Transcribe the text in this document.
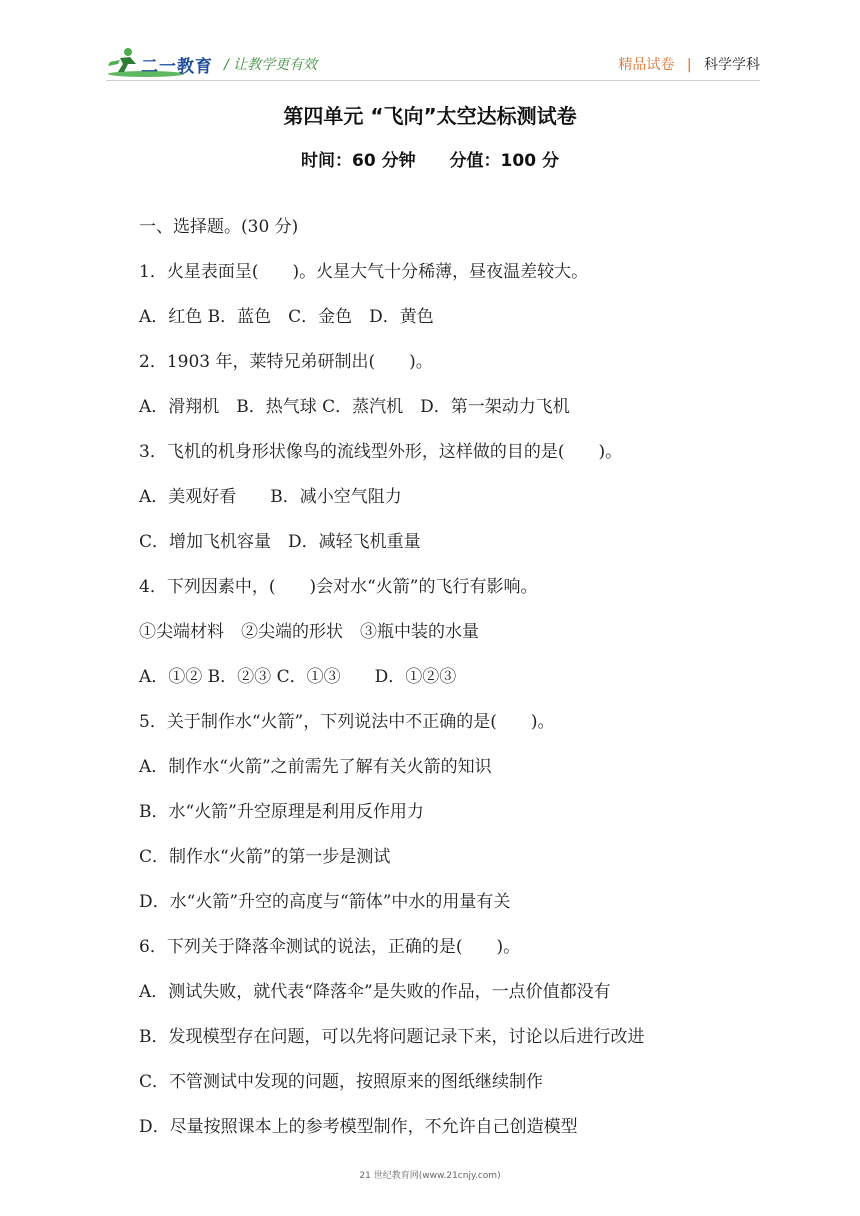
二一教育 / 让教学更有效	精品试卷 | 科学学科
第四单元 “飞向”太空达标测试卷
时间：60 分钟 分值：100 分
一、选择题。(30 分)
1．火星表面呈(　　)。火星大气十分稀薄，昼夜温差较大。
A．红色 B．蓝色　C．金色　D．黄色
2．1903 年，莱特兄弟研制出(　　)。
A．滑翔机　B．热气球 C．蒸汽机　D．第一架动力飞机
3．飞机的机身形状像鸟的流线型外形，这样做的目的是(　　)。
A．美观好看　　B．减小空气阻力
C．增加飞机容量　D．减轻飞机重量
4．下列因素中，(　　)会对水“火箭”的飞行有影响。
①尖端材料　②尖端的形状　③瓶中装的水量
A．①② B．②③ C．①③　　D．①②③
5．关于制作水“火箭”，下列说法中不正确的是(　　)。
A．制作水“火箭”之前需先了解有关火箭的知识
B．水“火箭”升空原理是利用反作用力
C．制作水“火箭”的第一步是测试
D．水“火箭”升空的高度与“箭体”中水的用量有关
6．下列关于降落伞测试的说法，正确的是(　　)。
A．测试失败，就代表“降落伞”是失败的作品，一点价值都没有
B．发现模型存在问题，可以先将问题记录下来，讨论以后进行改进
C．不管测试中发现的问题，按照原来的图纸继续制作
D．尽量按照课本上的参考模型制作，不允许自己创造模型
21 世纪教育网(www.21cnjy.com)
